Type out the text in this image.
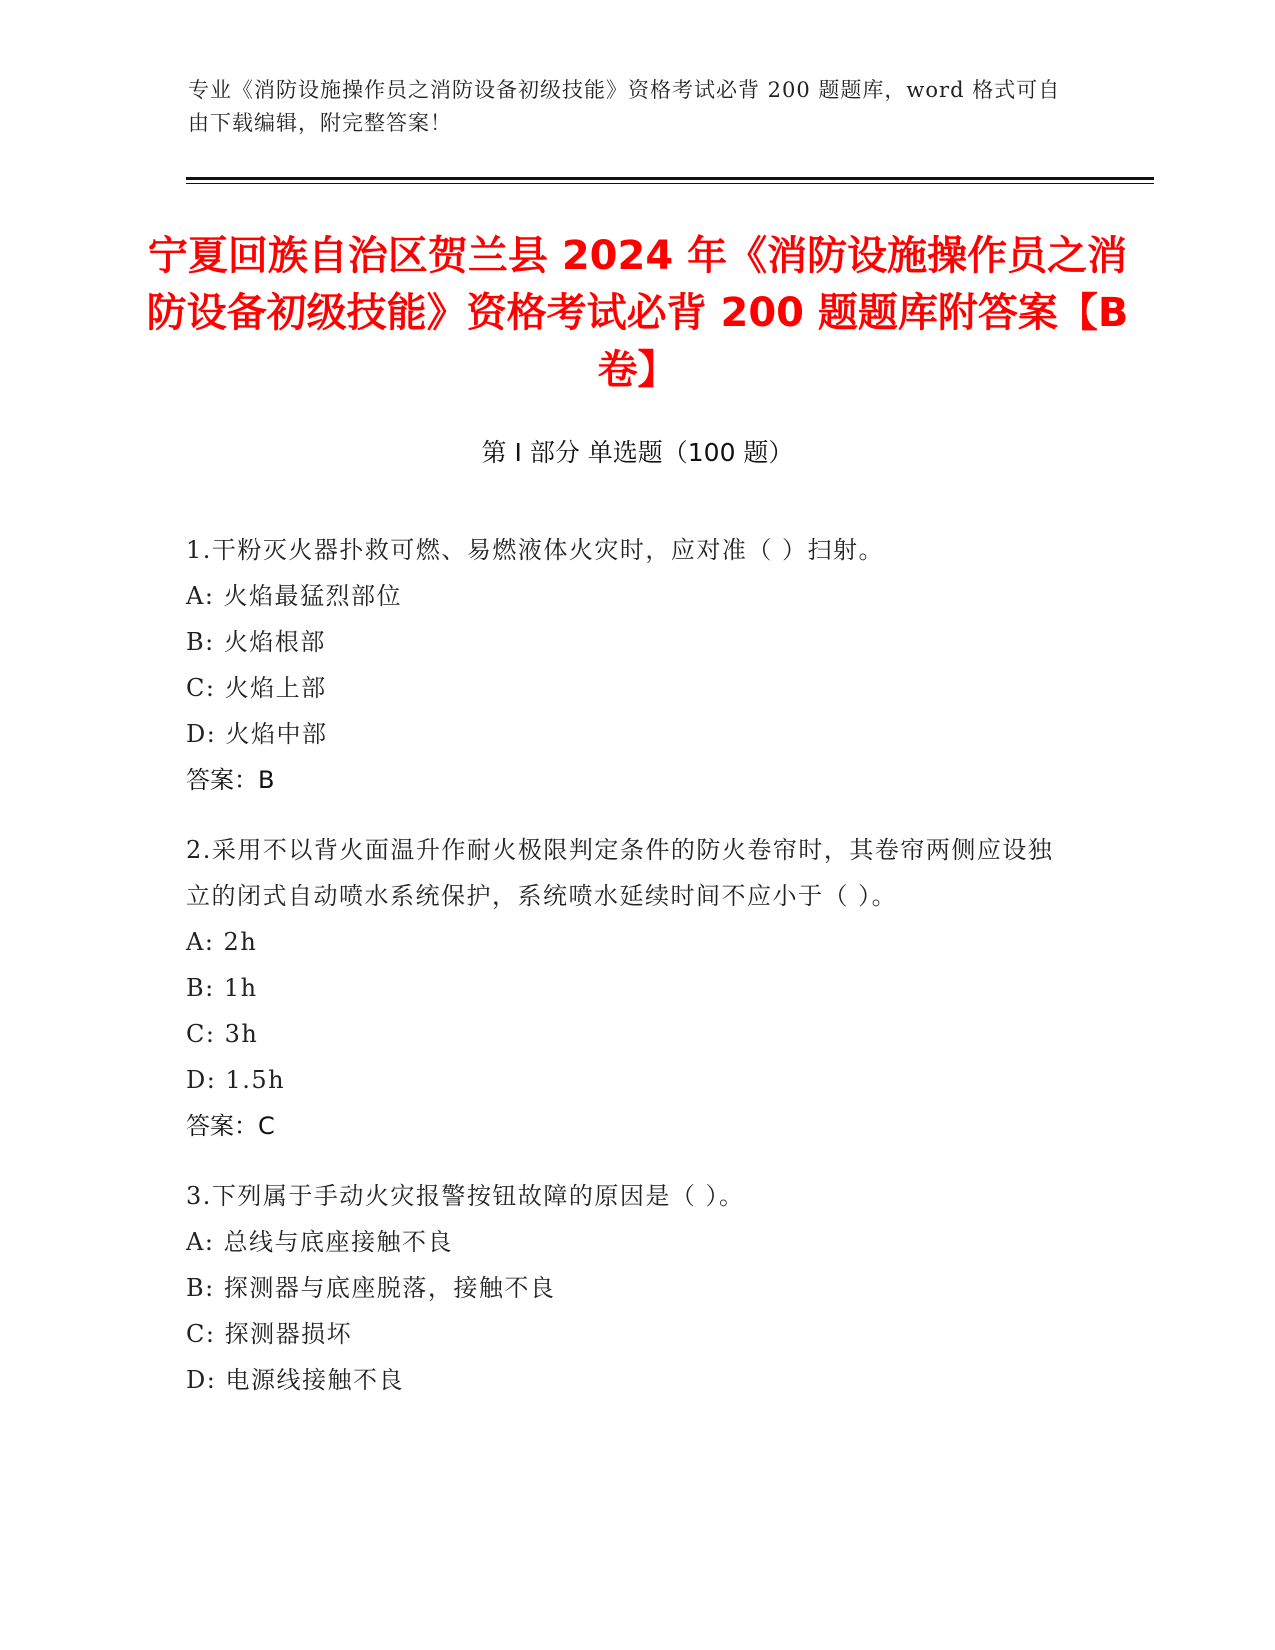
专业《消防设施操作员之消防设备初级技能》资格考试必背 200 题题库，word 格式可自由下载编辑，附完整答案！
宁夏回族自治区贺兰县 2024 年《消防设施操作员之消防设备初级技能》资格考试必背 200 题题库附答案【B 卷】
第 I 部分 单选题（100 题）
1.干粉灭火器扑救可燃、易燃液体火灾时，应对准（ ）扫射。
A: 火焰最猛烈部位
B: 火焰根部
C: 火焰上部
D: 火焰中部
答案：B
2.采用不以背火面温升作耐火极限判定条件的防火卷帘时，其卷帘两侧应设独立的闭式自动喷水系统保护，系统喷水延续时间不应小于（ ）。
A: 2h
B: 1h
C: 3h
D: 1.5h
答案：C
3.下列属于手动火灾报警按钮故障的原因是（ ）。
A: 总线与底座接触不良
B: 探测器与底座脱落，接触不良
C: 探测器损坏
D: 电源线接触不良
